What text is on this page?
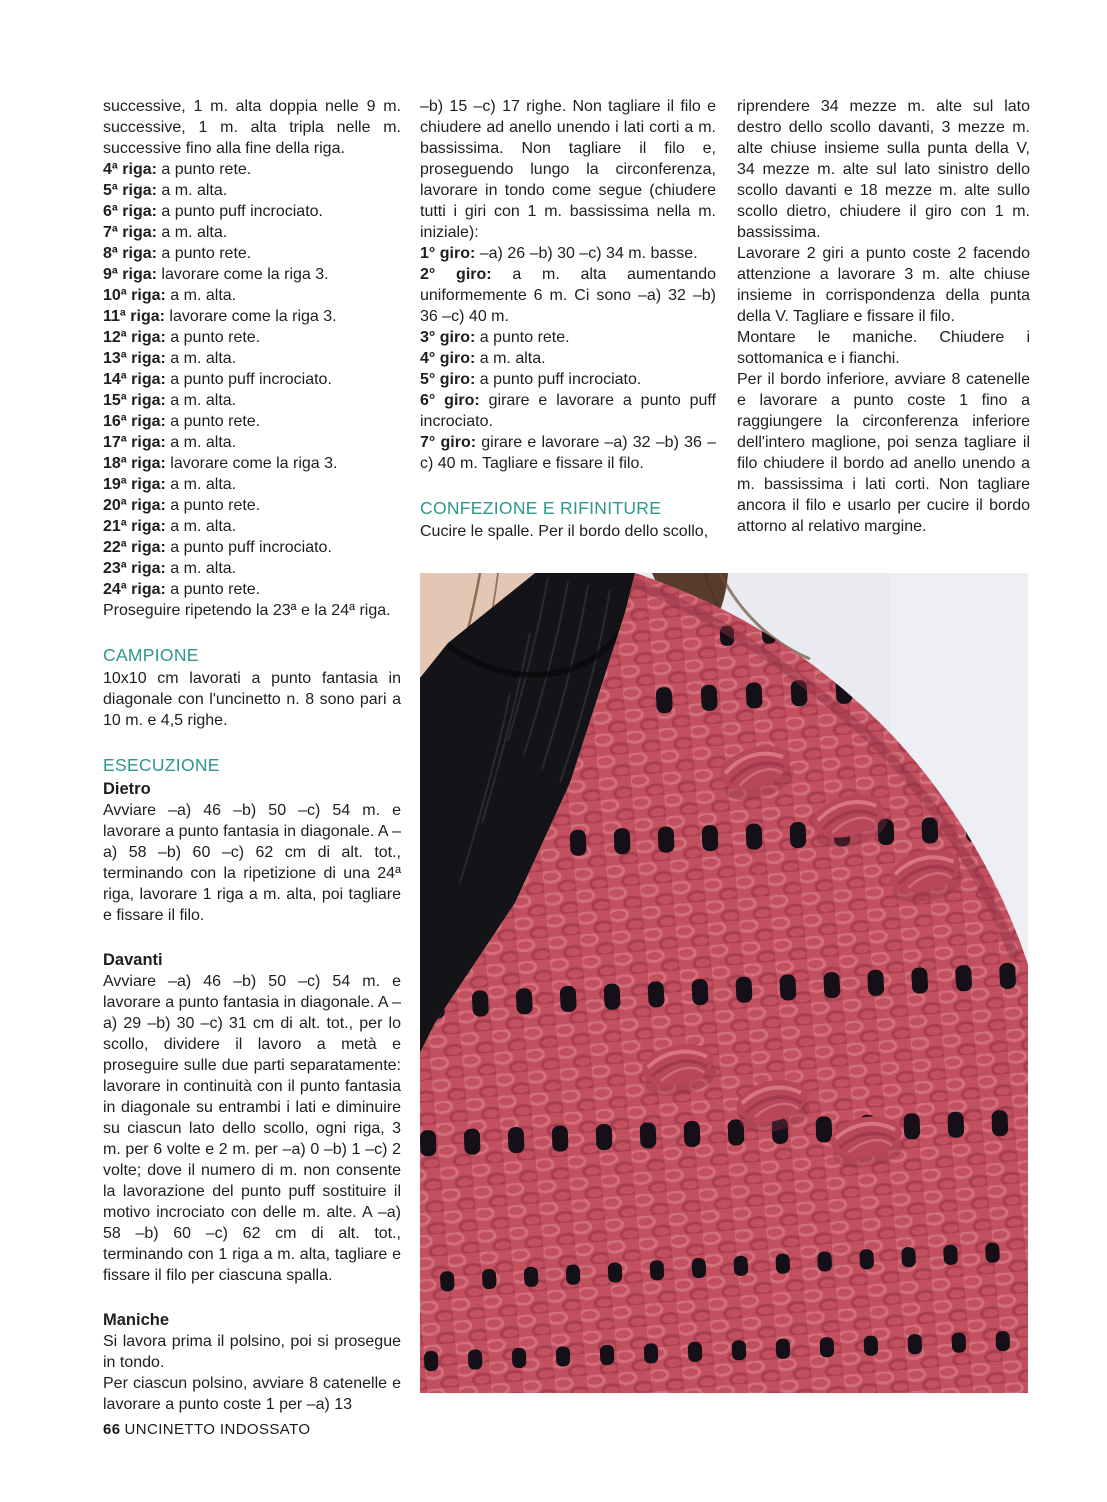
successive, 1 m. alta doppia nelle 9 m. successive, 1 m. alta tripla nelle m. successive fino alla fine della riga.

4ª riga: a punto rete.

5ª riga: a m. alta.

6ª riga: a punto puff incrociato.

7ª riga: a m. alta.

8ª riga: a punto rete.

9ª riga: lavorare come la riga 3.

10ª riga: a m. alta.

11ª riga: lavorare come la riga 3.

12ª riga: a punto rete.

13ª riga: a m. alta.

14ª riga: a punto puff incrociato.

15ª riga: a m. alta.

16ª riga: a punto rete.

17ª riga: a m. alta.

18ª riga: lavorare come la riga 3.

19ª riga: a m. alta.

20ª riga: a punto rete.

21ª riga: a m. alta.

22ª riga: a punto puff incrociato.

23ª riga: a m. alta.

24ª riga: a punto rete.

Proseguire ripetendo la 23ª e la 24ª riga.

CAMPIONE

10x10 cm lavorati a punto fantasia in diagonale con l'uncinetto n. 8 sono pari a 10 m. e 4,5 righe.

ESECUZIONE
Dietro

Avviare –a) 46 –b) 50 –c) 54 m. e lavorare a punto fantasia in diagonale. A –a) 58 –b) 60 –c) 62 cm di alt. tot., terminando con la ripetizione di una 24ª riga, lavorare 1 riga a m. alta, poi tagliare e fissare il filo.

Davanti

Avviare –a) 46 –b) 50 –c) 54 m. e lavorare a punto fantasia in diagonale. A –a) 29 –b) 30 –c) 31 cm di alt. tot., per lo scollo, dividere il lavoro a metà e proseguire sulle due parti separatamente: lavorare in continuità con il punto fantasia in diagonale su entrambi i lati e diminuire su ciascun lato dello scollo, ogni riga, 3 m. per 6 volte e 2 m. per –a) 0 –b) 1 –c) 2 volte; dove il numero di m. non consente la lavorazione del punto puff sostituire il motivo incrociato con delle m. alte. A –a) 58 –b) 60 –c) 62 cm di alt. tot., terminando con 1 riga a m. alta, tagliare e fissare il filo per ciascuna spalla.

Maniche

Si lavora prima il polsino, poi si prosegue in tondo.

Per ciascun polsino, avviare 8 catenelle e lavorare a punto coste 1 per –a) 13

–b) 15 –c) 17 righe. Non tagliare il filo e chiudere ad anello unendo i lati corti a m. bassissima. Non tagliare il filo e, proseguendo lungo la circonferenza, lavorare in tondo come segue (chiudere tutti i giri con 1 m. bassissima nella m. iniziale):

1° giro: –a) 26 –b) 30 –c) 34 m. basse.

2° giro: a m. alta aumentando uniformemente 6 m. Ci sono –a) 32 –b) 36 –c) 40 m.

3° giro: a punto rete.

4° giro: a m. alta.

5° giro: a punto puff incrociato.

6° giro: girare e lavorare a punto puff incrociato.

7° giro: girare e lavorare –a) 32 –b) 36 –c) 40 m. Tagliare e fissare il filo.

CONFEZIONE E RIFINITURE

Cucire le spalle. Per il bordo dello scollo,

riprendere 34 mezze m. alte sul lato destro dello scollo davanti, 3 mezze m. alte chiuse insieme sulla punta della V, 34 mezze m. alte sul lato sinistro dello scollo davanti e 18 mezze m. alte sullo scollo dietro, chiudere il giro con 1 m. bassissima.

Lavorare 2 giri a punto coste 2 facendo attenzione a lavorare 3 m. alte chiuse insieme in corrispondenza della punta della V. Tagliare e fissare il filo.

Montare le maniche. Chiudere i sottomanica e i fianchi.

Per il bordo inferiore, avviare 8 catenelle e lavorare a punto coste 1 fino a raggiungere la circonferenza inferiore dell'intero maglione, poi senza tagliare il filo chiudere il bordo ad anello unendo a m. bassissima i lati corti. Non tagliare ancora il filo e usarlo per cucire il bordo attorno al relativo margine.

66 UNCINETTO INDOSSATO
